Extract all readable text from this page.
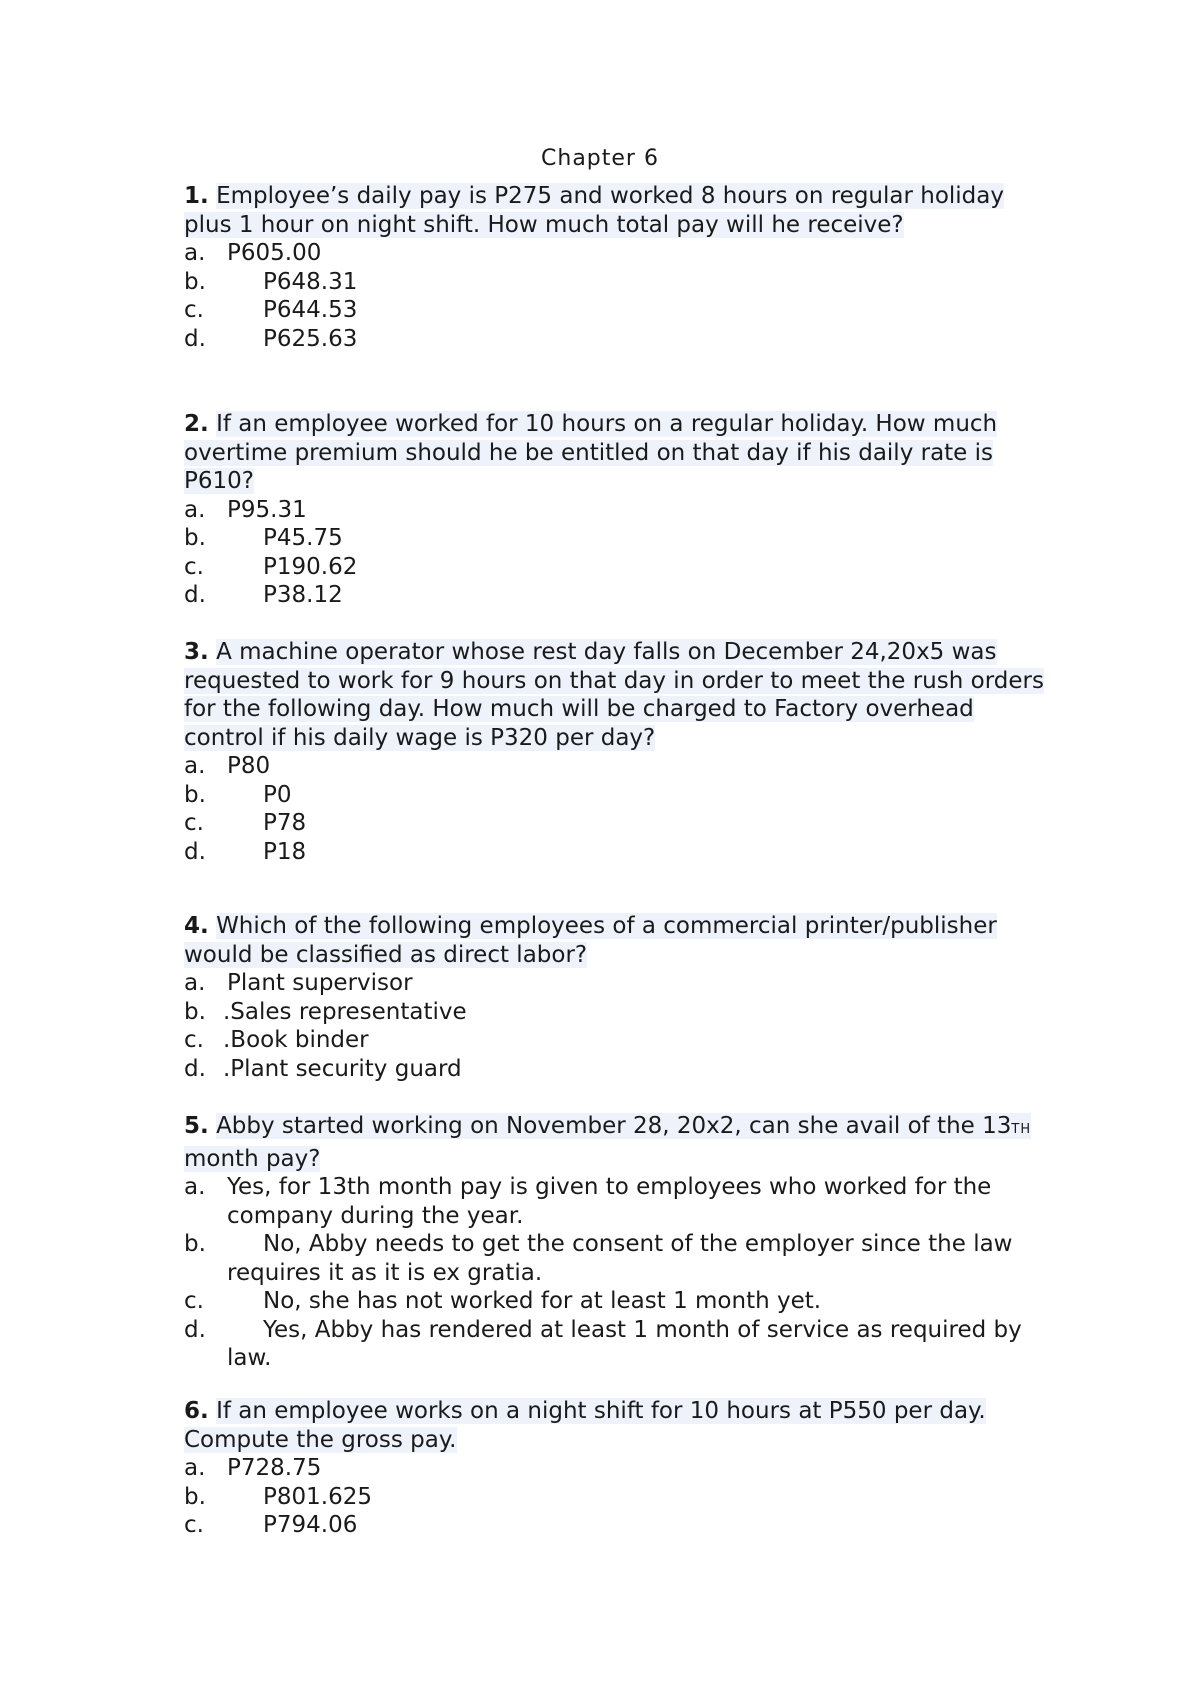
Chapter 6

1. Employee’s daily pay is P275 and worked 8 hours on regular holiday plus 1 hour on night shift. How much total pay will he receive?

a. P605.00
b.	P648.31
c.	P644.53
d.	P625.63

2. If an employee worked for 10 hours on a regular holiday. How much overtime premium should he be entitled on that day if his daily rate is P610?

a. P95.31
b.	P45.75
c.	P190.62
d.	P38.12

3. A machine operator whose rest day falls on December 24,20x5 was requested to work for 9 hours on that day in order to meet the rush orders for the following day. How much will be charged to Factory overhead control if his daily wage is P320 per day?

a. P80
b.	P0
c.	P78
d.	P18

4. Which of the following employees of a commercial printer/publisher would be classified as direct labor?

a. Plant supervisor
b. .Sales representative
c. .Book binder
d. .Plant security guard

5. Abby started working on November 28, 20x2, can she avail of the 13TH month pay?

a. Yes, for 13th month pay is given to employees who worked for the company during the year.
b.	No, Abby needs to get the consent of the employer since the law requires it as it is ex gratia.
c.	No, she has not worked for at least 1 month yet.
d.	Yes, Abby has rendered at least 1 month of service as required by law.

6. If an employee works on a night shift for 10 hours at P550 per day. Compute the gross pay.

a. P728.75
b.	P801.625
c.	P794.06
